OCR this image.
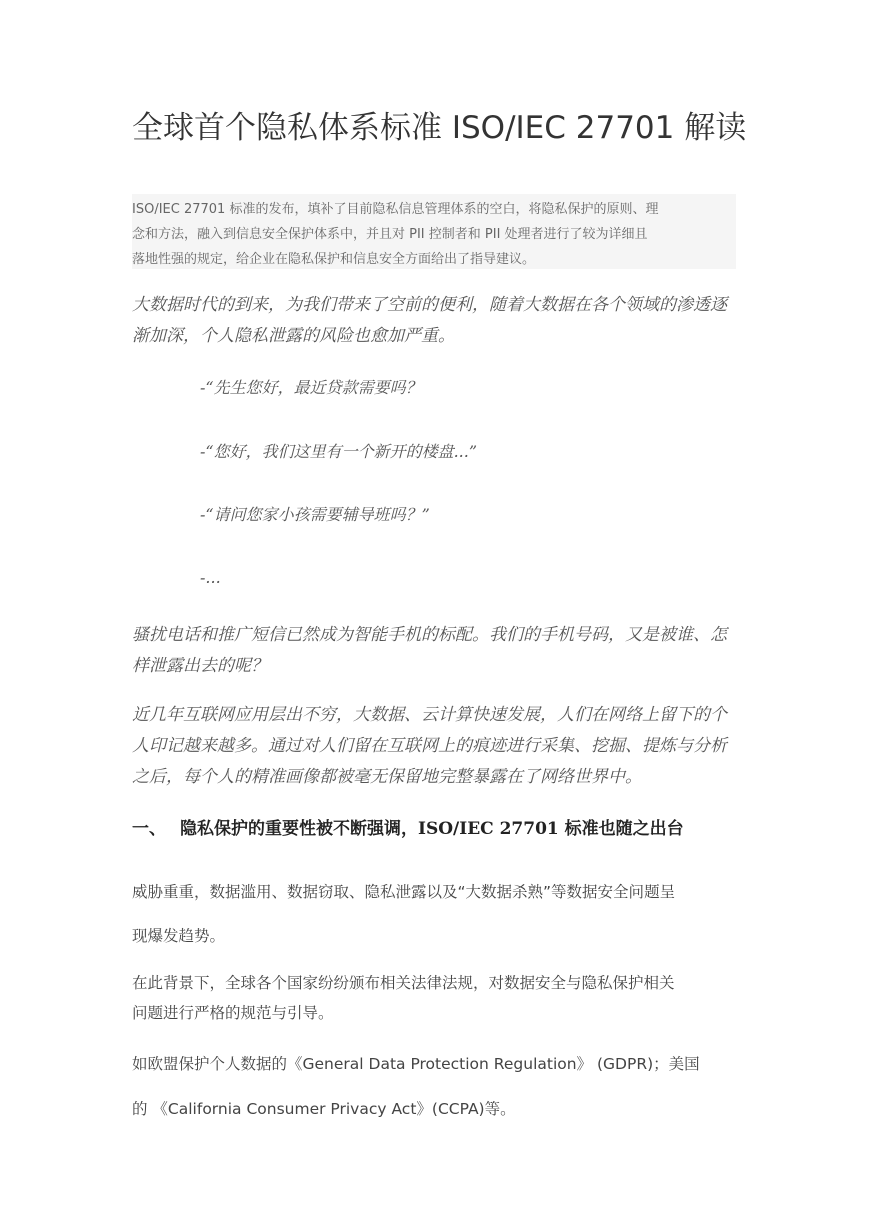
全球首个隐私体系标准 ISO/IEC 27701 解读
ISO/IEC 27701 标准的发布，填补了目前隐私信息管理体系的空白，将隐私保护的原则、理
念和方法，融入到信息安全保护体系中，并且对 PII 控制者和 PII 处理者进行了较为详细且
落地性强的规定，给企业在隐私保护和信息安全方面给出了指导建议。
大数据时代的到来，为我们带来了空前的便利，随着大数据在各个领域的渗透逐
渐加深，个人隐私泄露的风险也愈加严重。
-“先生您好，最近贷款需要吗？
-“您好，我们这里有一个新开的楼盘...”
-“请问您家小孩需要辅导班吗？”
-...
骚扰电话和推广短信已然成为智能手机的标配。我们的手机号码，又是被谁、怎
样泄露出去的呢？
近几年互联网应用层出不穷，大数据、云计算快速发展，人们在网络上留下的个
人印记越来越多。通过对人们留在互联网上的痕迹进行采集、挖掘、提炼与分析
之后，每个人的精准画像都被毫无保留地完整暴露在了网络世界中。
一、 隐私保护的重要性被不断强调，ISO/IEC 27701 标准也随之出台
威胁重重，数据滥用、数据窃取、隐私泄露以及“大数据杀熟”等数据安全问题呈
现爆发趋势。
在此背景下，全球各个国家纷纷颁布相关法律法规，对数据安全与隐私保护相关
问题进行严格的规范与引导。
如欧盟保护个人数据的《General Data Protection Regulation》 (GDPR)；美国
的 《California Consumer Privacy Act》(CCPA)等。
